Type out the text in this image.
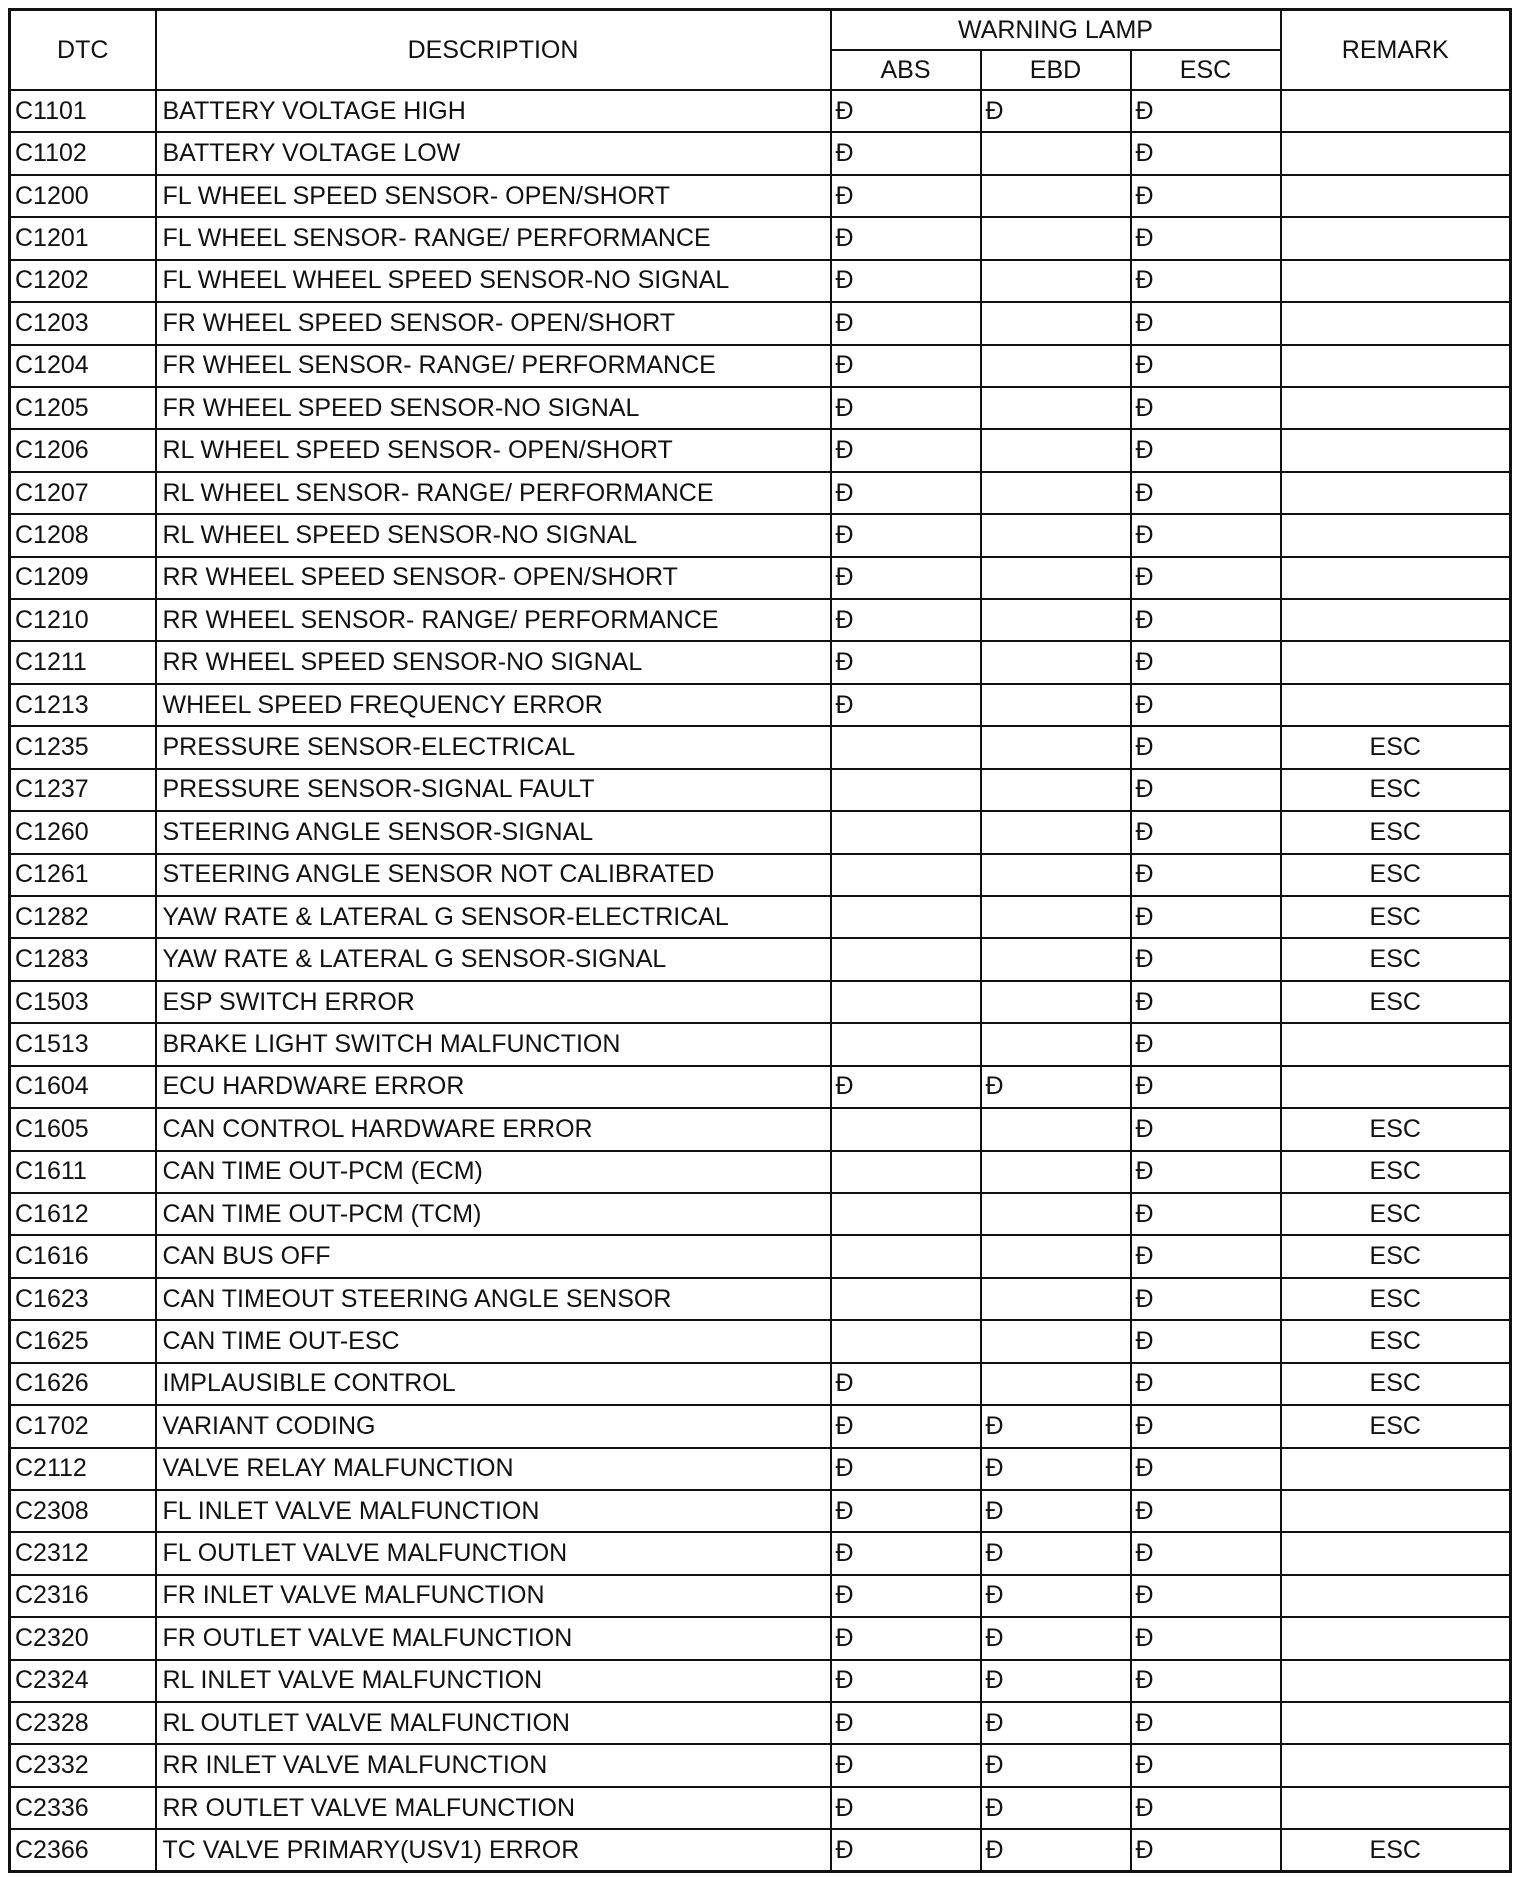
DTC	DESCRIPTION	WARNING LAMP			REMARK
		ABS	EBD	ESC	
C1101	BATTERY VOLTAGE HIGH	Ð	Ð	Ð	
C1102	BATTERY VOLTAGE LOW	Ð		Ð	
C1200	FL WHEEL SPEED SENSOR- OPEN/SHORT	Ð		Ð	
C1201	FL WHEEL SENSOR- RANGE/ PERFORMANCE	Ð		Ð	
C1202	FL WHEEL WHEEL SPEED SENSOR-NO SIGNAL	Ð		Ð	
C1203	FR WHEEL SPEED SENSOR- OPEN/SHORT	Ð		Ð	
C1204	FR WHEEL SENSOR- RANGE/ PERFORMANCE	Ð		Ð	
C1205	FR WHEEL SPEED SENSOR-NO SIGNAL	Ð		Ð	
C1206	RL WHEEL SPEED SENSOR- OPEN/SHORT	Ð		Ð	
C1207	RL WHEEL SENSOR- RANGE/ PERFORMANCE	Ð		Ð	
C1208	RL WHEEL SPEED SENSOR-NO SIGNAL	Ð		Ð	
C1209	RR WHEEL SPEED SENSOR- OPEN/SHORT	Ð		Ð	
C1210	RR WHEEL SENSOR- RANGE/ PERFORMANCE	Ð		Ð	
C1211	RR WHEEL SPEED SENSOR-NO SIGNAL	Ð		Ð	
C1213	WHEEL SPEED FREQUENCY ERROR	Ð		Ð	
C1235	PRESSURE SENSOR-ELECTRICAL			Ð	ESC
C1237	PRESSURE SENSOR-SIGNAL FAULT			Ð	ESC
C1260	STEERING ANGLE SENSOR-SIGNAL			Ð	ESC
C1261	STEERING ANGLE SENSOR NOT CALIBRATED			Ð	ESC
C1282	YAW RATE & LATERAL G SENSOR-ELECTRICAL			Ð	ESC
C1283	YAW RATE & LATERAL G SENSOR-SIGNAL			Ð	ESC
C1503	ESP SWITCH ERROR			Ð	ESC
C1513	BRAKE LIGHT SWITCH MALFUNCTION			Ð	
C1604	ECU HARDWARE ERROR	Ð	Ð	Ð	
C1605	CAN CONTROL HARDWARE ERROR			Ð	ESC
C1611	CAN TIME OUT-PCM (ECM)			Ð	ESC
C1612	CAN TIME OUT-PCM (TCM)			Ð	ESC
C1616	CAN BUS OFF			Ð	ESC
C1623	CAN TIMEOUT STEERING ANGLE SENSOR			Ð	ESC
C1625	CAN TIME OUT-ESC			Ð	ESC
C1626	IMPLAUSIBLE CONTROL	Ð		Ð	ESC
C1702	VARIANT CODING	Ð	Ð	Ð	ESC
C2112	VALVE RELAY MALFUNCTION	Ð	Ð	Ð	
C2308	FL INLET VALVE MALFUNCTION	Ð	Ð	Ð	
C2312	FL OUTLET VALVE MALFUNCTION	Ð	Ð	Ð	
C2316	FR INLET VALVE MALFUNCTION	Ð	Ð	Ð	
C2320	FR OUTLET VALVE MALFUNCTION	Ð	Ð	Ð	
C2324	RL INLET VALVE MALFUNCTION	Ð	Ð	Ð	
C2328	RL OUTLET VALVE MALFUNCTION	Ð	Ð	Ð	
C2332	RR INLET VALVE MALFUNCTION	Ð	Ð	Ð	
C2336	RR OUTLET VALVE MALFUNCTION	Ð	Ð	Ð	
C2366	TC VALVE PRIMARY(USV1) ERROR	Ð	Ð	Ð	ESC
